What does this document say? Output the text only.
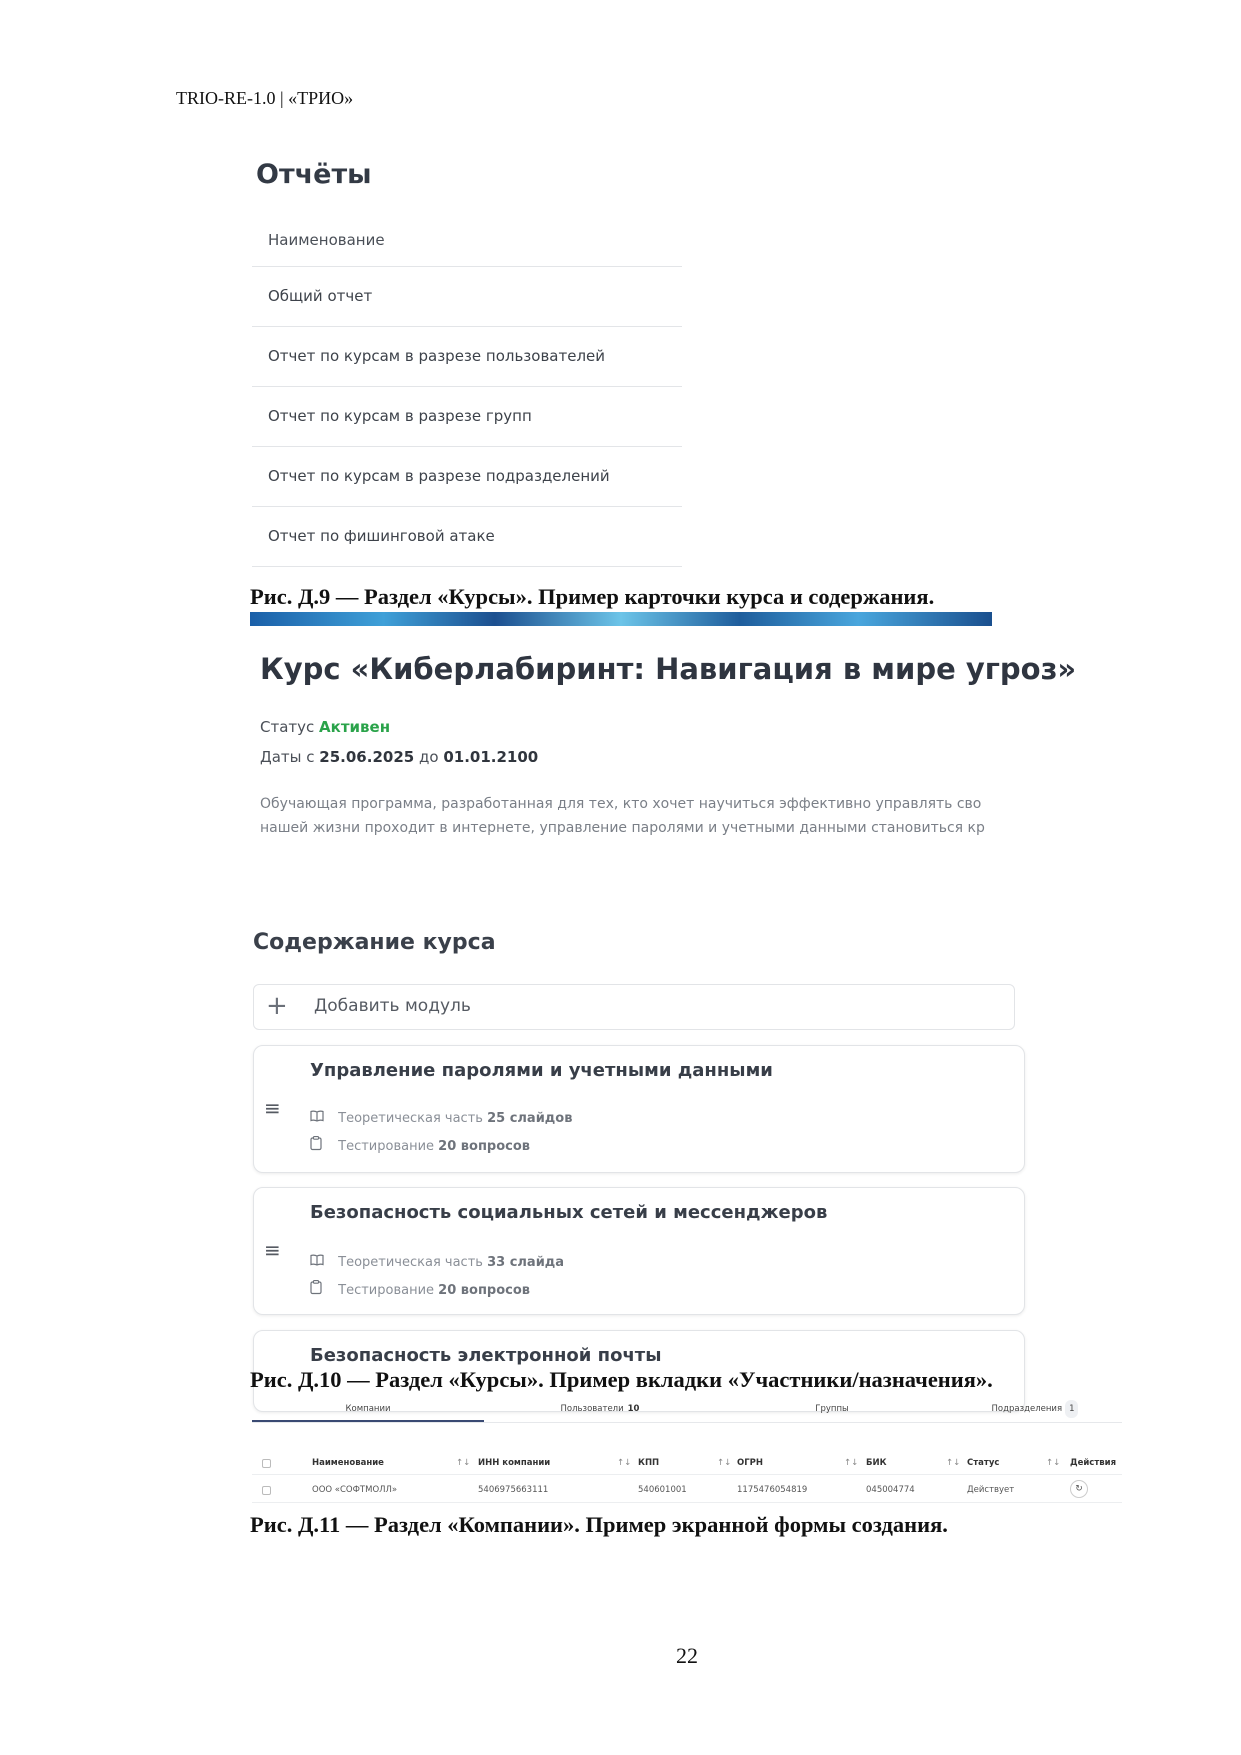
TRIO-RE-1.0 | «ТРИО»
Отчёты
Наименование
Общий отчет
Отчет по курсам в разрезе пользователей
Отчет по курсам в разрезе групп
Отчет по курсам в разрезе подразделений
Отчет по фишинговой атаке
Рис. Д.9 — Раздел «Курсы». Пример карточки курса и содержания.
Курс «Киберлабиринт: Навигация в мире угроз»
Статус Активен
Даты с 25.06.2025 до 01.01.2100
Обучающая программа, разработанная для тех, кто хочет научиться эффективно управлять сво
нашей жизни проходит в интернете, управление паролями и учетными данными становиться кр
Содержание курса
+ Добавить модуль
≡
Управление паролями и учетными данными
Теоретическая часть 25 слайдов
Тестирование 20 вопросов
≡
Безопасность социальных сетей и мессенджеров
Теоретическая часть 33 слайда
Тестирование 20 вопросов
Безопасность электронной почты
Рис. Д.10 — Раздел «Курсы». Пример вкладки «Участники/назначения».
Компании	Пользователи 10	Группы	Подразделения 1
Наименование	↑↓ ИНН компании	↑↓ КПП	↑↓ ОГРН	↑↓ БИК	↑↓ Статус	↑↓ Действия
ООО «СОФТМОЛЛ»	5406975663111	540601001	1175476054819	045004774	Действует	↻
Рис. Д.11 — Раздел «Компании». Пример экранной формы создания.
22
